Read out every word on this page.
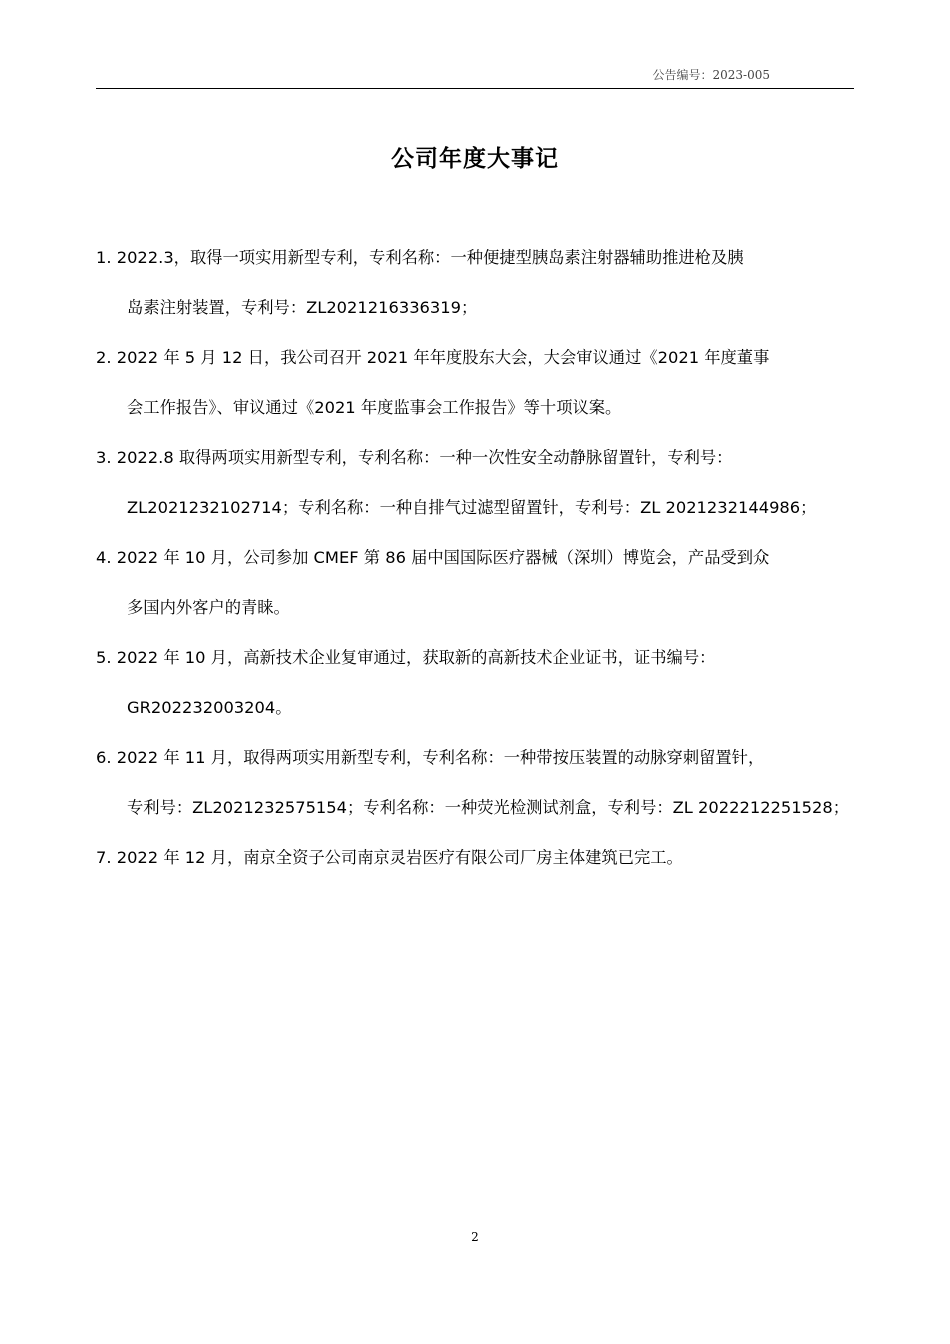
公告编号：2023-005
公司年度大事记
1. 2022.3，取得一项实用新型专利，专利名称：一种便捷型胰岛素注射器辅助推进枪及胰
岛素注射装置，专利号：ZL2021216336319；
2. 2022 年 5 月 12 日，我公司召开 2021 年年度股东大会，大会审议通过《2021 年度董事
会工作报告》、审议通过《2021 年度监事会工作报告》等十项议案。
3. 2022.8 取得两项实用新型专利，专利名称：一种一次性安全动静脉留置针，专利号：
ZL2021232102714；专利名称：一种自排气过滤型留置针，专利号：ZL 2021232144986；
4. 2022 年 10 月，公司参加 CMEF 第 86 届中国国际医疗器械（深圳）博览会，产品受到众
多国内外客户的青睐。
5. 2022 年 10 月，高新技术企业复审通过，获取新的高新技术企业证书，证书编号：
GR202232003204。
6. 2022 年 11 月，取得两项实用新型专利，专利名称：一种带按压装置的动脉穿刺留置针，
专利号：ZL2021232575154；专利名称：一种荧光检测试剂盒，专利号：ZL 2022212251528；
7. 2022 年 12 月，南京全资子公司南京灵岩医疗有限公司厂房主体建筑已完工。
2
